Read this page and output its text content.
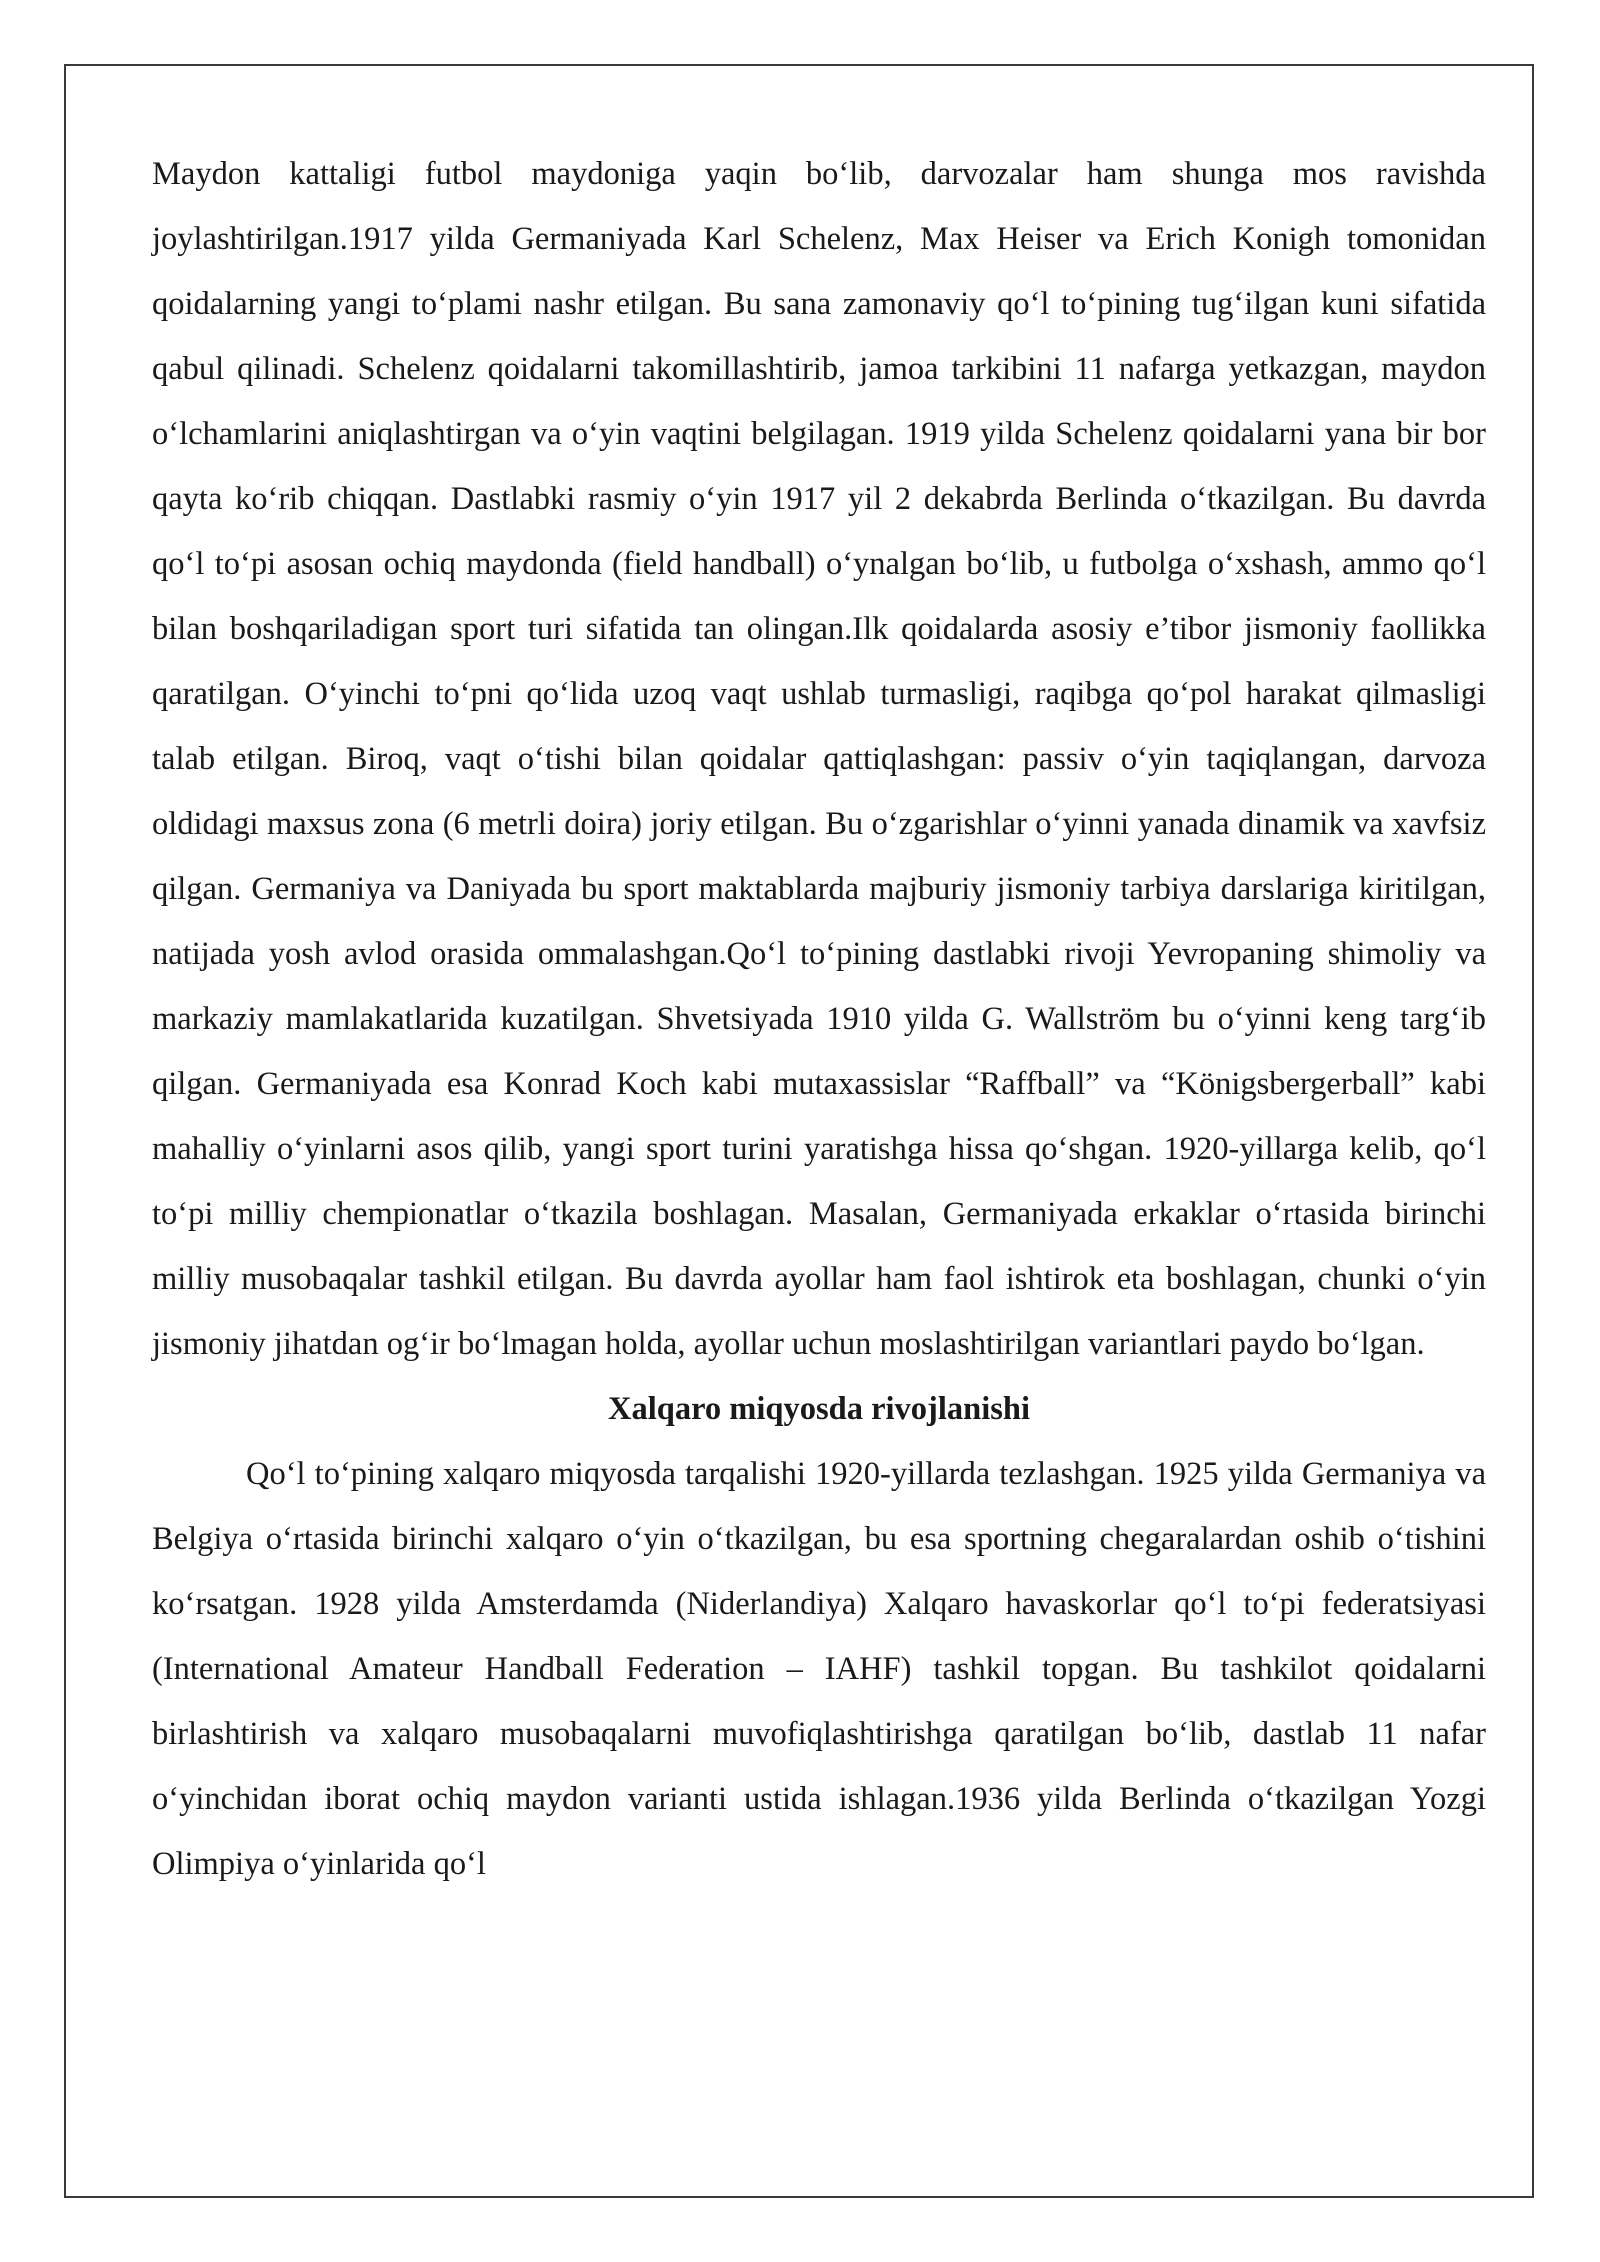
Maydon kattaligi futbol maydoniga yaqin bo‘lib, darvozalar ham shunga mos ravishda joylashtirilgan.1917 yilda Germaniyada Karl Schelenz, Max Heiser va Erich Konigh tomonidan qoidalarning yangi to‘plami nashr etilgan. Bu sana zamonaviy qo‘l to‘pining tug‘ilgan kuni sifatida qabul qilinadi. Schelenz qoidalarni takomillashtirib, jamoa tarkibini 11 nafarga yetkazgan, maydon o‘lchamlarini aniqlashtirgan va o‘yin vaqtini belgilagan. 1919 yilda Schelenz qoidalarni yana bir bor qayta ko‘rib chiqqan. Dastlabki rasmiy o‘yin 1917 yil 2 dekabrda Berlinda o‘tkazilgan. Bu davrda qo‘l to‘pi asosan ochiq maydonda (field handball) o‘ynalgan bo‘lib, u futbolga o‘xshash, ammo qo‘l bilan boshqariladigan sport turi sifatida tan olingan.Ilk qoidalarda asosiy e’tibor jismoniy faollikka qaratilgan. O‘yinchi to‘pni qo‘lida uzoq vaqt ushlab turmasligi, raqibga qo‘pol harakat qilmasligi talab etilgan. Biroq, vaqt o‘tishi bilan qoidalar qattiqlashgan: passiv o‘yin taqiqlangan, darvoza oldidagi maxsus zona (6 metrli doira) joriy etilgan. Bu o‘zgarishlar o‘yinni yanada dinamik va xavfsiz qilgan. Germaniya va Daniyada bu sport maktablarda majburiy jismoniy tarbiya darslariga kiritilgan, natijada yosh avlod orasida ommalashgan.Qo‘l to‘pining dastlabki rivoji Yevropaning shimoliy va markaziy mamlakatlarida kuzatilgan. Shvetsiyada 1910 yilda G. Wallström bu o‘yinni keng targ‘ib qilgan. Germaniyada esa Konrad Koch kabi mutaxassislar “Raffball” va “Königsbergerball” kabi mahalliy o‘yinlarni asos qilib, yangi sport turini yaratishga hissa qo‘shgan. 1920-yillarga kelib, qo‘l to‘pi milliy chempionatlar o‘tkazila boshlagan. Masalan, Germaniyada erkaklar o‘rtasida birinchi milliy musobaqalar tashkil etilgan. Bu davrda ayollar ham faol ishtirok eta boshlagan, chunki o‘yin jismoniy jihatdan og‘ir bo‘lmagan holda, ayollar uchun moslashtirilgan variantlari paydo bo‘lgan.

Xalqaro miqyosda rivojlanishi

Qo‘l to‘pining xalqaro miqyosda tarqalishi 1920-yillarda tezlashgan. 1925 yilda Germaniya va Belgiya o‘rtasida birinchi xalqaro o‘yin o‘tkazilgan, bu esa sportning chegaralardan oshib o‘tishini ko‘rsatgan. 1928 yilda Amsterdamda (Niderlandiya) Xalqaro havaskorlar qo‘l to‘pi federatsiyasi (International Amateur Handball Federation – IAHF) tashkil topgan. Bu tashkilot qoidalarni birlashtirish va xalqaro musobaqalarni muvofiqlashtirishga qaratilgan bo‘lib, dastlab 11 nafar o‘yinchidan iborat ochiq maydon varianti ustida ishlagan.1936 yilda Berlinda o‘tkazilgan Yozgi Olimpiya o‘yinlarida qo‘l
